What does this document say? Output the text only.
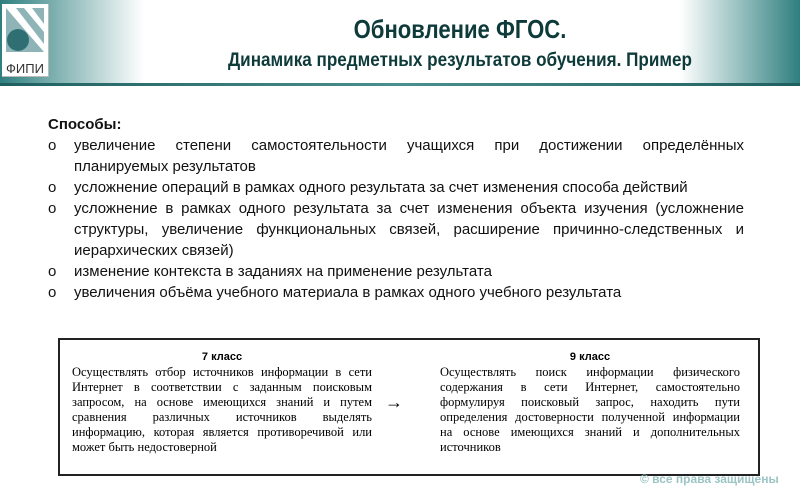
ФИПИ
Обновление ФГОС.
Динамика предметных результатов обучения. Пример
Способы:
o увеличение степени самостоятельности учащихся при достижении определённых планируемых результатов
o усложнение операций в рамках одного результата за счет изменения способа действий
o усложнение в рамках одного результата за счет изменения объекта изучения (усложнение структуры, увеличение функциональных связей, расширение причинно-следственных и иерархических связей)
o изменение контекста в заданиях на применение результата
o увеличения объёма учебного материала в рамках одного учебного результата
7 класс
Осуществлять отбор источников информации в сети Интернет в соответствии с заданным поисковым запросом, на основе имеющихся знаний и путем сравнения различных источников выделять информацию, которая является противоречивой или может быть недостоверной
→
9 класс
Осуществлять поиск информации физического содержания в сети Интернет, самостоятельно формулируя поисковый запрос, находить пути определения достоверности полученной информации на основе имеющихся знаний и дополнительных источников
© все права защищены
